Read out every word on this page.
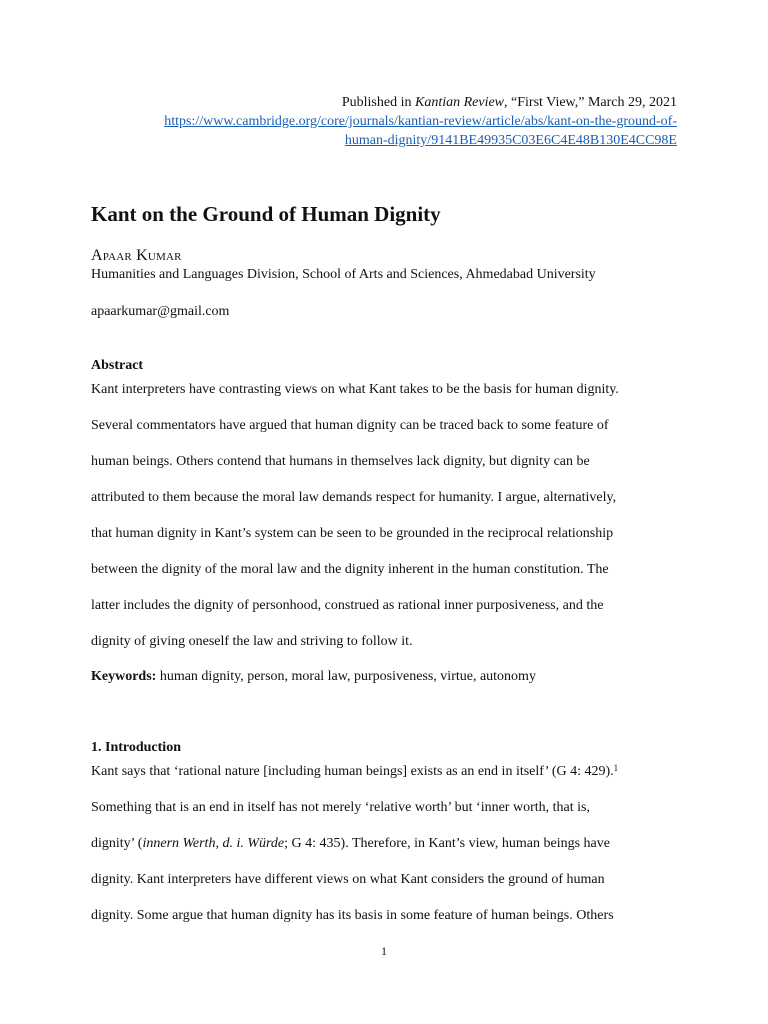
Published in Kantian Review, “First View,” March 29, 2021
https://www.cambridge.org/core/journals/kantian-review/article/abs/kant-on-the-ground-of-
human-dignity/9141BE49935C03E6C4E48B130E4CC98E
Kant on the Ground of Human Dignity
Apaar Kumar
Humanities and Languages Division, School of Arts and Sciences, Ahmedabad University
apaarkumar@gmail.com
Abstract
Kant interpreters have contrasting views on what Kant takes to be the basis for human dignity.
Several commentators have argued that human dignity can be traced back to some feature of
human beings. Others contend that humans in themselves lack dignity, but dignity can be
attributed to them because the moral law demands respect for humanity. I argue, alternatively,
that human dignity in Kant’s system can be seen to be grounded in the reciprocal relationship
between the dignity of the moral law and the dignity inherent in the human constitution. The
latter includes the dignity of personhood, construed as rational inner purposiveness, and the
dignity of giving oneself the law and striving to follow it.
Keywords: human dignity, person, moral law, purposiveness, virtue, autonomy
1. Introduction
Kant says that ‘rational nature [including human beings] exists as an end in itself’ (G 4: 429).$^1$
Something that is an end in itself has not merely ‘relative worth’ but ‘inner worth, that is,
dignity’ (innern Werth, d. i. Würde; G 4: 435). Therefore, in Kant’s view, human beings have
dignity. Kant interpreters have different views on what Kant considers the ground of human
dignity. Some argue that human dignity has its basis in some feature of human beings. Others
1
